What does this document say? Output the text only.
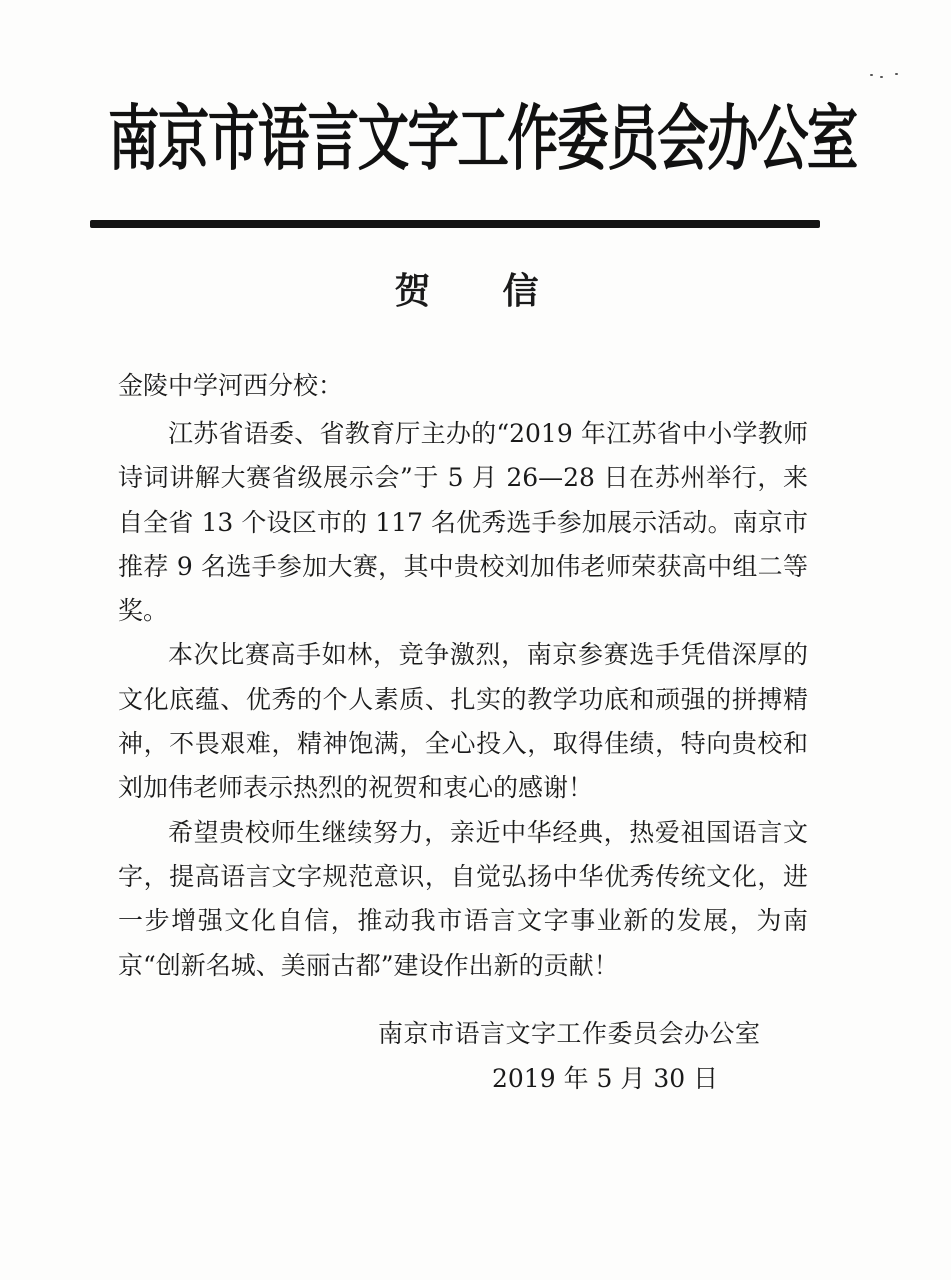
南京市语言文字工作委员会办公室
贺　信
金陵中学河西分校：

江苏省语委、省教育厅主办的“2019 年江苏省中小学教师诗词讲解大赛省级展示会”于 5 月 26—28 日在苏州举行，来自全省 13 个设区市的 117 名优秀选手参加展示活动。南京市推荐 9 名选手参加大赛，其中贵校刘加伟老师荣获高中组二等奖。

本次比赛高手如林，竞争激烈，南京参赛选手凭借深厚的文化底蕴、优秀的个人素质、扎实的教学功底和顽强的拼搏精神，不畏艰难，精神饱满，全心投入，取得佳绩，特向贵校和刘加伟老师表示热烈的祝贺和衷心的感谢！

希望贵校师生继续努力，亲近中华经典，热爱祖国语言文字，提高语言文字规范意识，自觉弘扬中华优秀传统文化，进一步增强文化自信，推动我市语言文字事业新的发展，为南京“创新名城、美丽古都”建设作出新的贡献！

南京市语言文字工作委员会办公室
2019 年 5 月 30 日
